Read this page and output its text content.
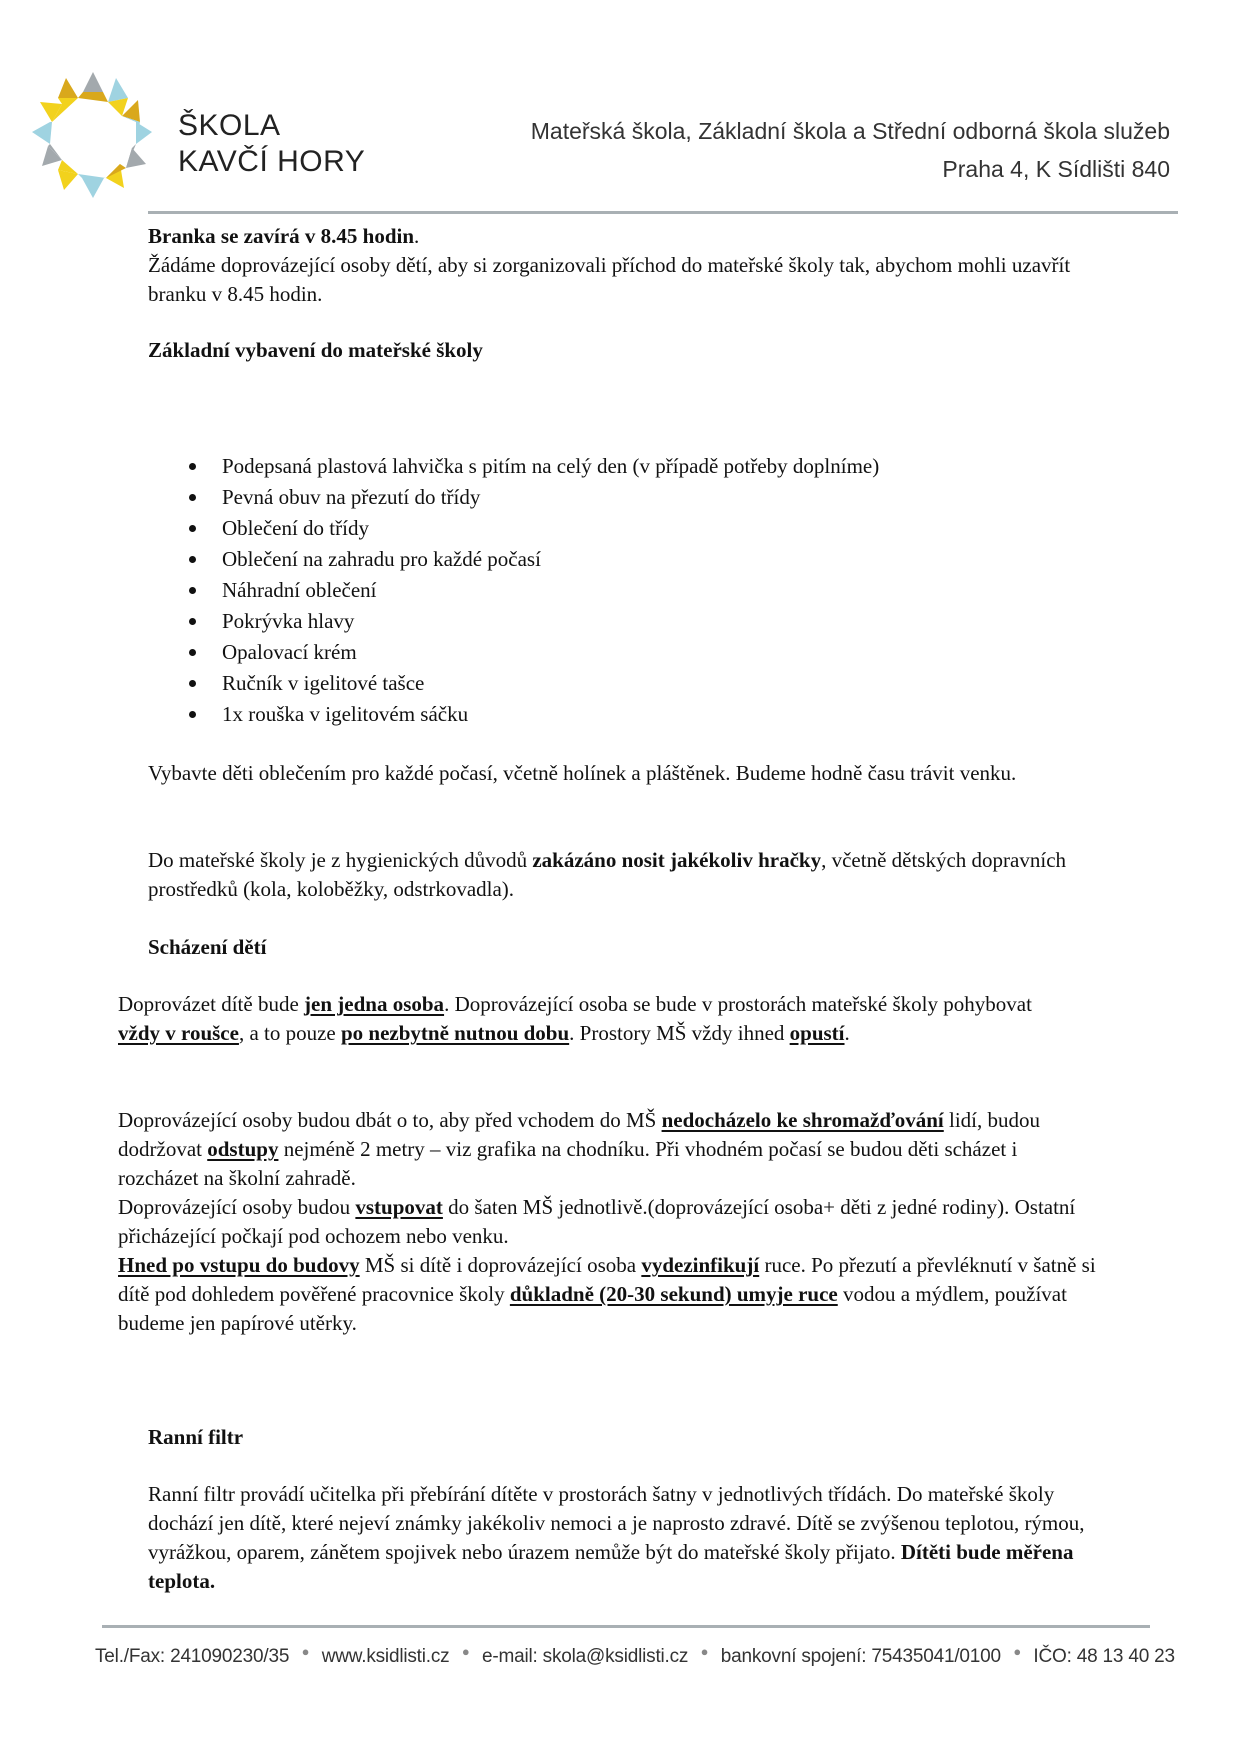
ŠKOLA
KAVČÍ HORY
Mateřská škola, Základní škola a Střední odborná škola služeb
Praha 4, K Sídlišti 840
Branka se zavírá v 8.45 hodin.
Žádáme doprovázející osoby dětí, aby si zorganizovali příchod do mateřské školy tak, abychom mohli uzavřít branku v 8.45 hodin.
Základní vybavení do mateřské školy
Podepsaná plastová lahvička s pitím na celý den (v případě potřeby doplníme)
Pevná obuv na přezutí do třídy
Oblečení do třídy
Oblečení na zahradu pro každé počasí
Náhradní oblečení
Pokrývka hlavy
Opalovací krém
Ručník v igelitové tašce
1x rouška v igelitovém sáčku
Vybavte děti oblečením pro každé počasí, včetně holínek a pláštěnek. Budeme hodně času trávit venku.
Do mateřské školy je z hygienických důvodů zakázáno nosit jakékoliv hračky, včetně dětských dopravních prostředků (kola, koloběžky, odstrkovadla).
Scházení dětí
Doprovázet dítě bude jen jedna osoba. Doprovázející osoba se bude v prostorách mateřské školy pohybovat vždy v roušce, a to pouze po nezbytně nutnou dobu. Prostory MŠ vždy ihned opustí.
Doprovázející osoby budou dbát o to, aby před vchodem do MŠ nedocházelo ke shromažďování lidí, budou dodržovat odstupy nejméně 2 metry – viz grafika na chodníku. Při vhodném počasí se budou děti scházet i rozcházet na školní zahradě.
Doprovázející osoby budou vstupovat do šaten MŠ jednotlivě.(doprovázející osoba+ děti z jedné rodiny). Ostatní přicházející počkají pod ochozem nebo venku.
Hned po vstupu do budovy MŠ si dítě i doprovázející osoba vydezinfikují ruce. Po přezutí a převléknutí v šatně si dítě pod dohledem pověřené pracovnice školy důkladně (20-30 sekund) umyje ruce vodou a mýdlem, používat budeme jen papírové utěrky.
Ranní filtr
Ranní filtr provádí učitelka při přebírání dítěte v prostorách šatny v jednotlivých třídách. Do mateřské školy dochází jen dítě, které nejeví známky jakékoliv nemoci a je naprosto zdravé. Dítě se zvýšenou teplotou, rýmou, vyrážkou, oparem, zánětem spojivek nebo úrazem nemůže být do mateřské školy přijato. Dítěti bude měřena teplota.
Tel./Fax: 241090230/35 ● www.ksidlisti.cz ● e-mail: skola@ksidlisti.cz ● bankovní spojení: 75435041/0100 ● IČO: 48 13 40 23
